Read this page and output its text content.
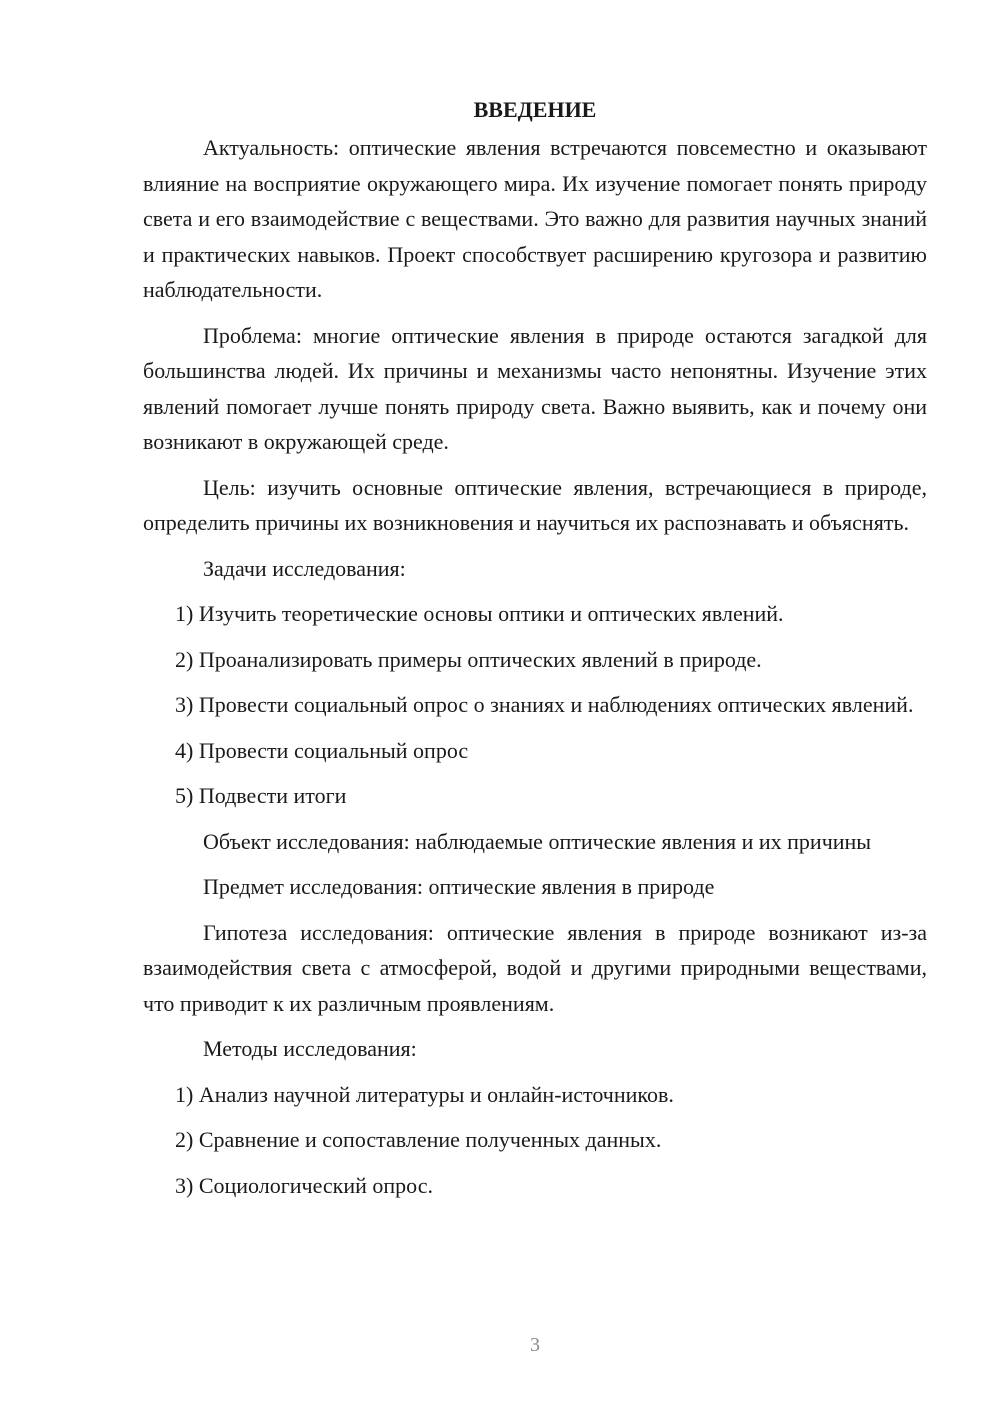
ВВЕДЕНИЕ

Актуальность: оптические явления встречаются повсеместно и оказывают влияние на восприятие окружающего мира. Их изучение помогает понять природу света и его взаимодействие с веществами. Это важно для развития научных знаний и практических навыков. Проект способствует расширению кругозора и развитию наблюдательности.

Проблема: многие оптические явления в природе остаются загадкой для большинства людей. Их причины и механизмы часто непонятны. Изучение этих явлений помогает лучше понять природу света. Важно выявить, как и почему они возникают в окружающей среде.

Цель: изучить основные оптические явления, встречающиеся в природе, определить причины их возникновения и научиться их распознавать и объяснять.

Задачи исследования:

1) Изучить теоретические основы оптики и оптических явлений.

2) Проанализировать примеры оптических явлений в природе.

3) Провести социальный опрос о знаниях и наблюдениях оптических явлений.

4) Провести социальный опрос

5) Подвести итоги

Объект исследования: наблюдаемые оптические явления и их причины

Предмет исследования: оптические явления в природе

Гипотеза исследования: оптические явления в природе возникают из-за взаимодействия света с атмосферой, водой и другими природными веществами, что приводит к их различным проявлениям.

Методы исследования:

1) Анализ научной литературы и онлайн-источников.

2) Сравнение и сопоставление полученных данных.

3) Социологический опрос.

3
